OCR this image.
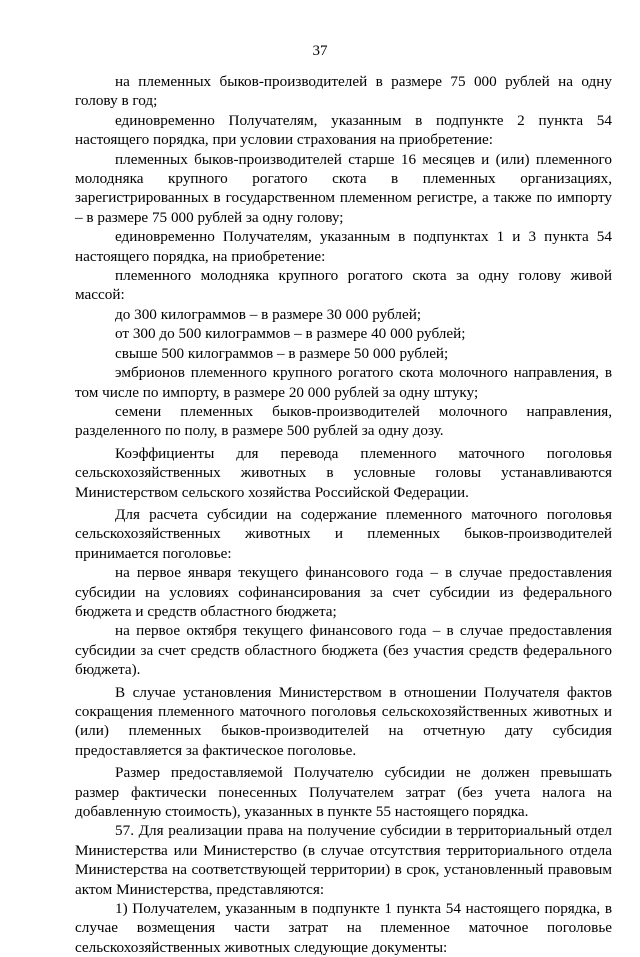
37

на племенных быков-производителей в размере 75 000 рублей на одну голову в год;

единовременно Получателям, указанным в подпункте 2 пункта 54 настоящего порядка, при условии страхования на приобретение:

племенных быков-производителей старше 16 месяцев и (или) племенного молодняка крупного рогатого скота в племенных организациях, зарегистрированных в государственном племенном регистре, а также по импорту – в размере 75 000 рублей за одну голову;

единовременно Получателям, указанным в подпунктах 1 и 3 пункта 54 настоящего порядка, на приобретение:

племенного молодняка крупного рогатого скота за одну голову живой массой:

до 300 килограммов – в размере 30 000 рублей;

от 300 до 500 килограммов – в размере 40 000 рублей;

свыше 500 килограммов – в размере 50 000 рублей;

эмбрионов племенного крупного рогатого скота молочного направления, в том числе по импорту, в размере 20 000 рублей за одну штуку;

семени племенных быков-производителей молочного направления, разделенного по полу, в размере 500 рублей за одну дозу.

Коэффициенты для перевода племенного маточного поголовья сельскохозяйственных животных в условные головы устанавливаются Министерством сельского хозяйства Российской Федерации.

Для расчета субсидии на содержание племенного маточного поголовья сельскохозяйственных животных и племенных быков-производителей принимается поголовье:

на первое января текущего финансового года – в случае предоставления субсидии на условиях софинансирования за счет субсидии из федерального бюджета и средств областного бюджета;

на первое октября текущего финансового года – в случае предоставления субсидии за счет средств областного бюджета (без участия средств федерального бюджета).

В случае установления Министерством в отношении Получателя фактов сокращения племенного маточного поголовья сельскохозяйственных животных и (или) племенных быков-производителей на отчетную дату субсидия предоставляется за фактическое поголовье.

Размер предоставляемой Получателю субсидии не должен превышать размер фактически понесенных Получателем затрат (без учета налога на добавленную стоимость), указанных в пункте 55 настоящего порядка.

57. Для реализации права на получение субсидии в территориальный отдел Министерства или Министерство (в случае отсутствия территориального отдела Министерства на соответствующей территории) в срок, установленный правовым актом Министерства, представляются:

1) Получателем, указанным в подпункте 1 пункта 54 настоящего порядка, в случае возмещения части затрат на племенное маточное поголовье сельскохозяйственных животных следующие документы:
